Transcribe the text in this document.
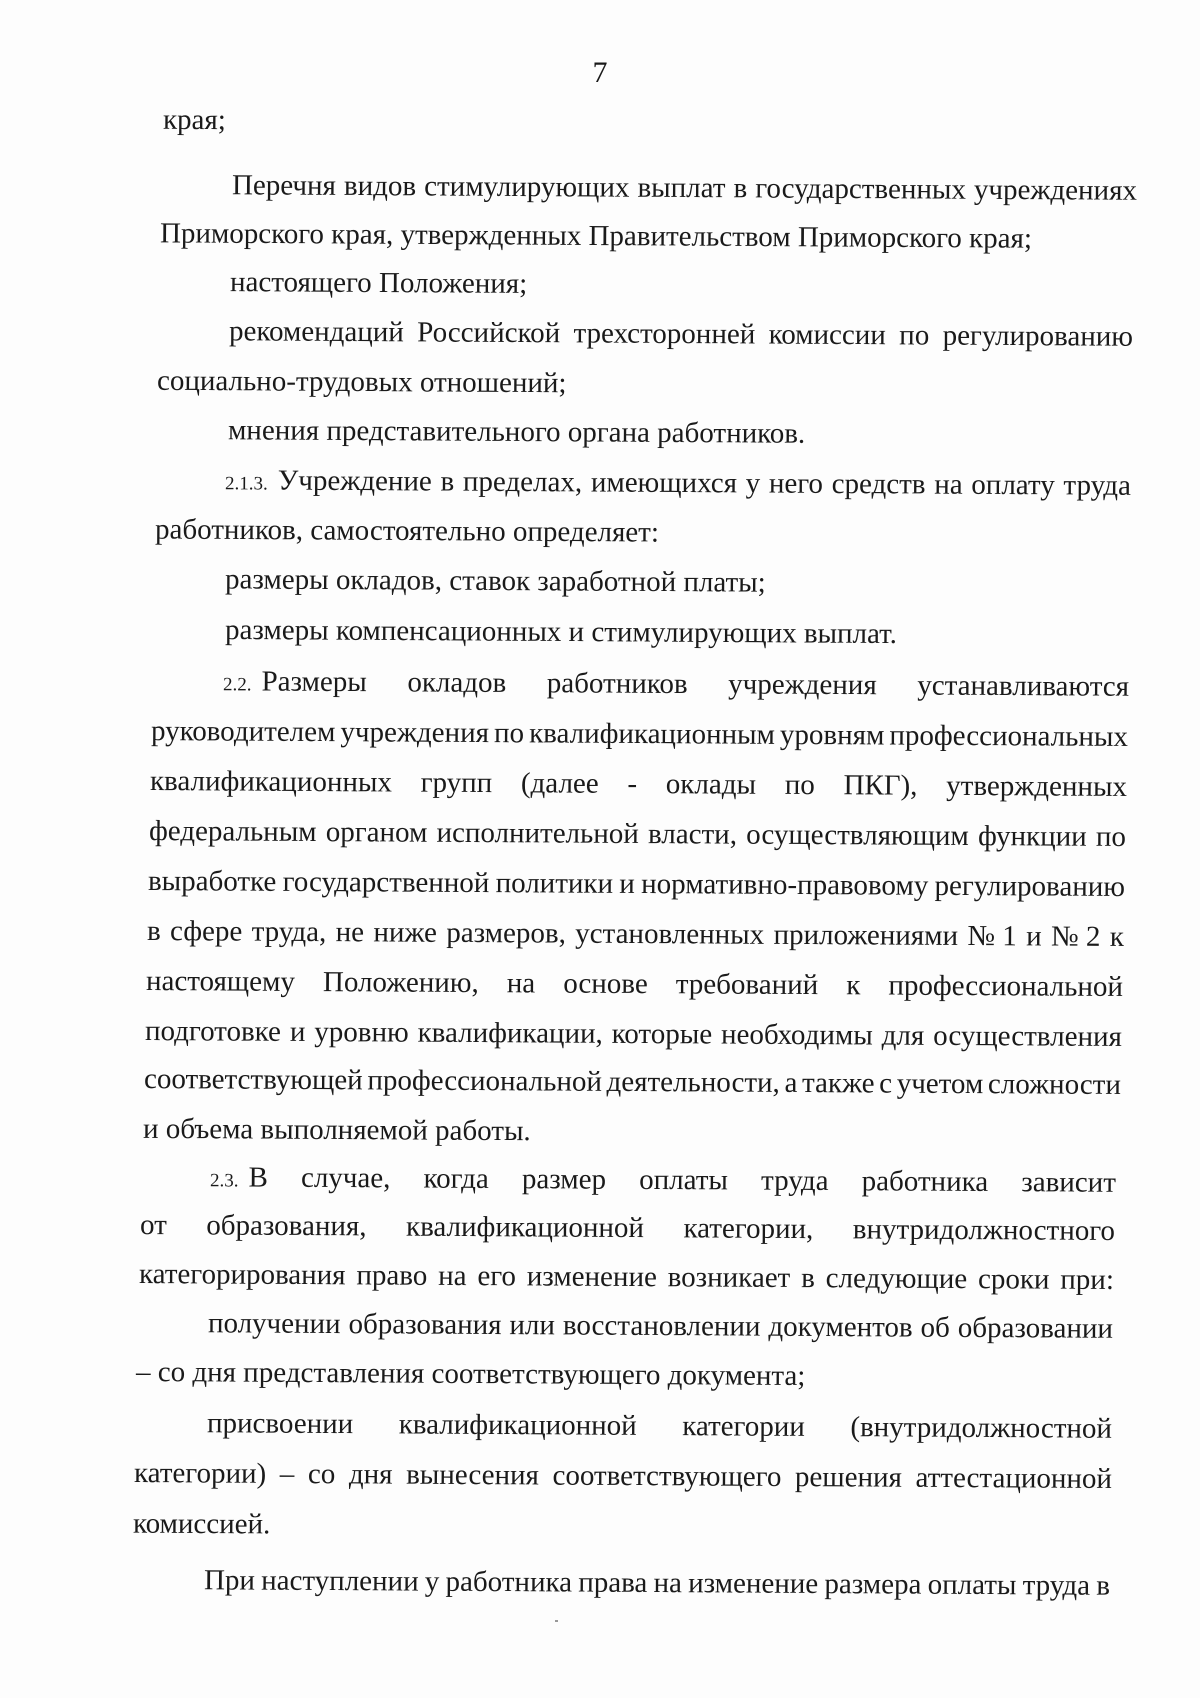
7
края;
Перечня видов стимулирующих выплат в государственных учреждениях
Приморского края, утвержденных Правительством Приморского края;
настоящего Положения;
рекомендаций Российской трехсторонней комиссии по регулированию
социально-трудовых отношений;
мнения представительного органа работников.
2.1.3. Учреждение в пределах, имеющихся у него средств на оплату труда
работников, самостоятельно определяет:
размеры окладов, ставок заработной платы;
размеры компенсационных и стимулирующих выплат.
2.2. Размеры окладов работников учреждения устанавливаются
руководителем учреждения по квалификационным уровням профессиональных
квалификационных групп (далее - оклады по ПКГ), утвержденных
федеральным органом исполнительной власти, осуществляющим функции по
выработке государственной политики и нормативно-правовому регулированию
в сфере труда, не ниже размеров, установленных приложениями № 1 и № 2 к
настоящему Положению, на основе требований к профессиональной
подготовке и уровню квалификации, которые необходимы для осуществления
соответствующей профессиональной деятельности, а также с учетом сложности
и объема выполняемой работы.
2.3. В случае, когда размер оплаты труда работника зависит
от образования, квалификационной категории, внутридолжностного
категорирования право на его изменение возникает в следующие сроки при:
получении образования или восстановлении документов об образовании
– со дня представления соответствующего документа;
присвоении квалификационной категории (внутридолжностной
категории) – со дня вынесения соответствующего решения аттестационной
комиссией.
При наступлении у работника права на изменение размера оплаты труда в
